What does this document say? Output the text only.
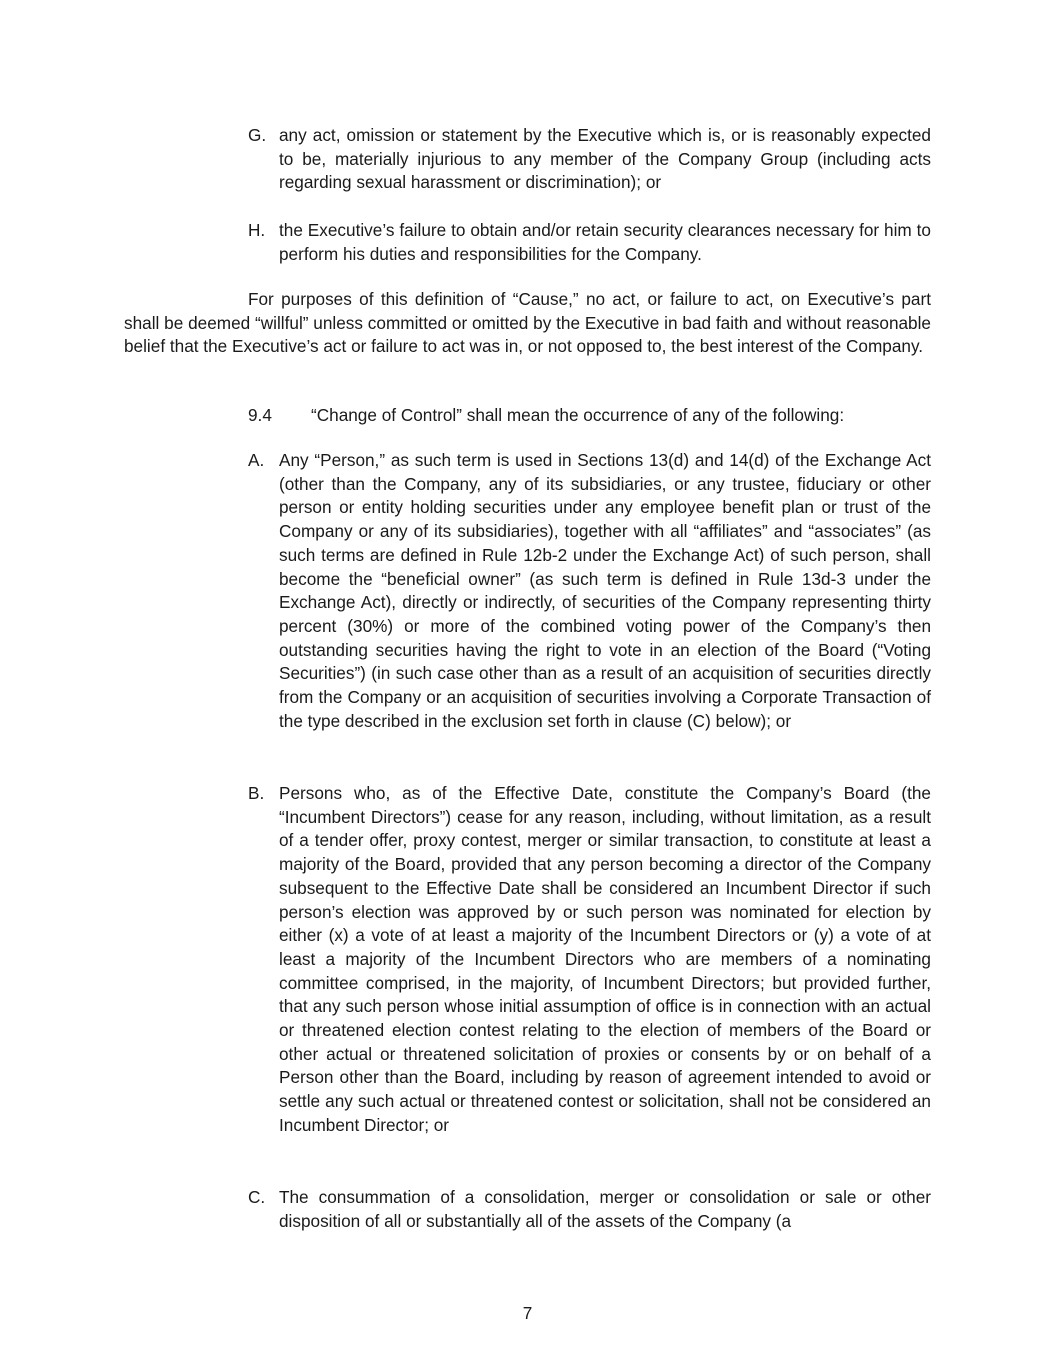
G. any act, omission or statement by the Executive which is, or is reasonably expected to be, materially injurious to any member of the Company Group (including acts regarding sexual harassment or discrimination); or
H. the Executive’s failure to obtain and/or retain security clearances necessary for him to perform his duties and responsibilities for the Company.
For purposes of this definition of “Cause,” no act, or failure to act, on Executive’s part shall be deemed “willful” unless committed or omitted by the Executive in bad faith and without reasonable belief that the Executive’s act or failure to act was in, or not opposed to, the best interest of the Company.
9.4 “Change of Control” shall mean the occurrence of any of the following:
A. Any “Person,” as such term is used in Sections 13(d) and 14(d) of the Exchange Act (other than the Company, any of its subsidiaries, or any trustee, fiduciary or other person or entity holding securities under any employee benefit plan or trust of the Company or any of its subsidiaries), together with all “affiliates” and “associates” (as such terms are defined in Rule 12b-2 under the Exchange Act) of such person, shall become the “beneficial owner” (as such term is defined in Rule 13d-3 under the Exchange Act), directly or indirectly, of securities of the Company representing thirty percent (30%) or more of the combined voting power of the Company’s then outstanding securities having the right to vote in an election of the Board (“Voting Securities”) (in such case other than as a result of an acquisition of securities directly from the Company or an acquisition of securities involving a Corporate Transaction of the type described in the exclusion set forth in clause (C) below); or
B. Persons who, as of the Effective Date, constitute the Company’s Board (the “Incumbent Directors”) cease for any reason, including, without limitation, as a result of a tender offer, proxy contest, merger or similar transaction, to constitute at least a majority of the Board, provided that any person becoming a director of the Company subsequent to the Effective Date shall be considered an Incumbent Director if such person’s election was approved by or such person was nominated for election by either (x) a vote of at least a majority of the Incumbent Directors or (y) a vote of at least a majority of the Incumbent Directors who are members of a nominating committee comprised, in the majority, of Incumbent Directors; but provided further, that any such person whose initial assumption of office is in connection with an actual or threatened election contest relating to the election of members of the Board or other actual or threatened solicitation of proxies or consents by or on behalf of a Person other than the Board, including by reason of agreement intended to avoid or settle any such actual or threatened contest or solicitation, shall not be considered an Incumbent Director; or
C. The consummation of a consolidation, merger or consolidation or sale or other disposition of all or substantially all of the assets of the Company (a
7
